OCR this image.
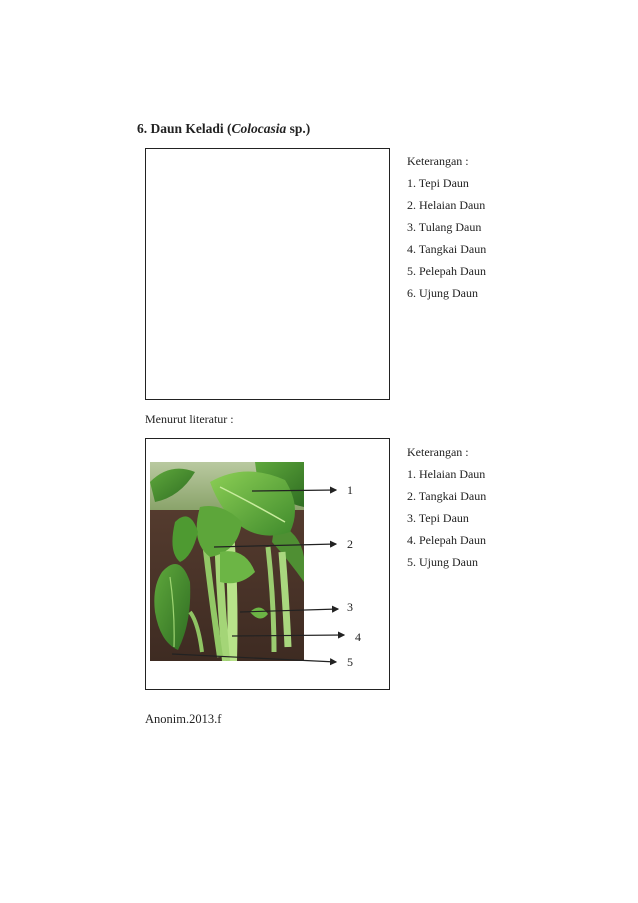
6. Daun Keladi (Colocasia sp.)
Keterangan :
1. Tepi Daun
2. Helaian Daun
3. Tulang Daun
4. Tangkai Daun
5. Pelepah Daun
6. Ujung Daun
Menurut literatur :
1
2
3
4
5
Keterangan :
1. Helaian Daun
2. Tangkai Daun
3. Tepi Daun
4. Pelepah Daun
5. Ujung Daun
Anonim.2013.f
